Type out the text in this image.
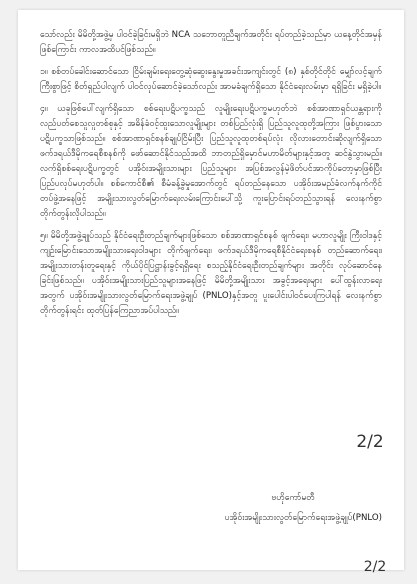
သော်လည်း မိမိတို့အဖွဲ့မှ ပါဝင်ခဲ့ခြင်းမရှိဘဲ NCA သဘောတူညီချက်အတိုင်း ရပ်တည်ခဲ့သည်မှာ ယနေ့တိုင်အမှန်ဖြစ်ကြောင်း ကာလအထိပင်ဖြစ်သည်။

၁။ စစ်တပ်ခေါင်းဆောင်သော ငြိမ်းချမ်းရေးတွေ့ဆုံဆွေးနွေးမှုအခင်းအကျင်းတွင် (၈) နှစ်တိုင်တိုင် မျှော်လင့်ချက်ကြီးစွာဖြင့် စိတ်ရှည်ပါလျက် ပါဝင်လုပ်ဆောင်ခဲ့သော်လည်း အာမခံချက်ရှိသော နိုင်ငံရေးလမ်းမှာ ရရှိခြင်း မရှိခဲ့ပါ။

၄။ ယခုဖြစ်ပေါ်လျက်ရှိသော စစ်ရေးပဋိပက္ခသည် လူမျိုးရေးပဋိပက္ခမဟုတ်ဘဲ စစ်အာဏာရှင်ယန္တရားကို လည်ပတ်စေသူလူတစ်စုနှင့် အဓိန်ခံဝင့်ထူးသောလူမျိုးများ တစ်ပြည်လုံးရှိ ပြည်သူလူထုတို့အကြား ဖြစ်ပွားသော ပဋိပက္ခသာဖြစ်သည်။ စစ်အာဏာရှင်စနစ်ချုပ်ငြိမ်းပြီး ပြည်သူလူထုတစ်ရပ်လုံး လိုလားတောင်းဆိုလျက်ရှိသော ဖက်ဒရယ်ဒီမိုကရေစီစနစ်ကို ဖော်ဆောင်နိုင်သည်အထိ ဘာတည်ရှိမှောင်မဟာမိတ်များနှင့်အတူ ဆင်နွဲသွားမည်။ လက်ရှိစစ်ရေးပဋိပက္ခတွင် ပအိုဝ်းအမျိုးသားများ ပြည်သူများ အပြစ်အလွန်မဲ့ဖိတ်ပင်အာကိုပ်တော့မှာဖြစ်ပြီး ပြည်ပလုပ်မဟုတ်ပါ။ စစ်ကောင်စီ၏ စီမံခန့်ခွဲမှုအောက်တွင် ရပ်တည်နေသော ပအိုဝ်းအမည်ခံလက်နက်ကိုင် တပ်ဖွဲ့အနေဖြင့် အမျိုးသားလွတ်မြောက်ရေးလမ်းကြောင်းပေါ်သို့ ကူးပြောင်းရပ်တည်သွားရန် လေးနက်စွာ တိုက်တွန်းလိုပါသည်။

၅။ မိမိတို့အဖွဲ့ချုပ်သည် နိုင်ငံရေးဦးတည်ချက်များဖြစ်သော စစ်အာဏာရှင်စနစ် ဖျက်ရေး၊ မဟာလူမျိုး ကြီးဝါဒနှင့် ကျဉ်းမြောင်းသောအမျိုးသားရေးဝါဒများ တိုက်ဖျက်ရေး၊ ဖက်ဒရယ်ဒီမိုကရေစီနိုင်ငံရေးစနစ် တည်ဆောက်ရေး၊ အမျိုးသားတန်းတူရေးနှင့် ကိုယ်ပိုင်ပြဋ္ဌာန်းခွင့်ရရှိရေး စသည့်နိုင်ငံရေးဦးတည်ချက်များ အတိုင်း လုပ်ဆောင်နေခြင်းဖြစ်သည်။ ပအိုဝ်းအမျိုးသားပြည်သူများအနေဖြင့် မိမိတို့အမျိုးသား အခွင့်အရေးများ ပေါ်ထွန်းလာရေးအတွက် ပအိုဝ်းအမျိုးသားလွတ်မြောက်ရေးအဖွဲ့ချုပ် (PNLO)နှင့်အတူ ပူးပေါင်းပါဝင်ပေးကြပါရန် လေးနက်စွာတိုက်တွန်းရင်း ထုတ်ပြန်ကြေညာအပ်ပါသည်။

ဗဟိုကော်မတီ
ပအိုဝ်းအမျိုးသားလွတ်မြောက်ရေးအဖွဲ့ချုပ်(PNLO)
2/2
2/2
